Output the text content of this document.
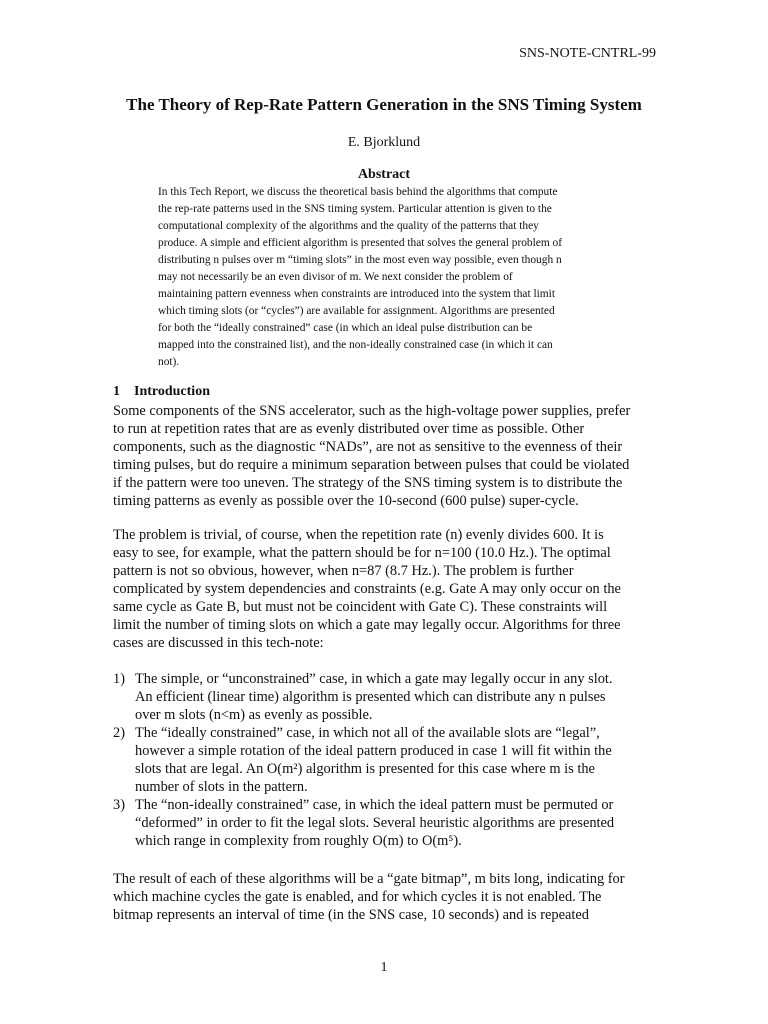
SNS-NOTE-CNTRL-99
The Theory of Rep-Rate Pattern Generation in the SNS Timing System
E. Bjorklund
Abstract
In this Tech Report, we discuss the theoretical basis behind the algorithms that compute
the rep-rate patterns used in the SNS timing system. Particular attention is given to the
computational complexity of the algorithms and the quality of the patterns that they
produce. A simple and efficient algorithm is presented that solves the general problem of
distributing n pulses over m “timing slots” in the most even way possible, even though n
may not necessarily be an even divisor of m. We next consider the problem of
maintaining pattern evenness when constraints are introduced into the system that limit
which timing slots (or “cycles”) are available for assignment. Algorithms are presented
for both the “ideally constrained” case (in which an ideal pulse distribution can be
mapped into the constrained list), and the non-ideally constrained case (in which it can
not).
1 Introduction
Some components of the SNS accelerator, such as the high-voltage power supplies, prefer
to run at repetition rates that are as evenly distributed over time as possible. Other
components, such as the diagnostic “NADs”, are not as sensitive to the evenness of their
timing pulses, but do require a minimum separation between pulses that could be violated
if the pattern were too uneven. The strategy of the SNS timing system is to distribute the
timing patterns as evenly as possible over the 10-second (600 pulse) super-cycle.
The problem is trivial, of course, when the repetition rate (n) evenly divides 600. It is
easy to see, for example, what the pattern should be for n=100 (10.0 Hz.). The optimal
pattern is not so obvious, however, when n=87 (8.7 Hz.). The problem is further
complicated by system dependencies and constraints (e.g. Gate A may only occur on the
same cycle as Gate B, but must not be coincident with Gate C). These constraints will
limit the number of timing slots on which a gate may legally occur. Algorithms for three
cases are discussed in this tech-note:
1) The simple, or “unconstrained” case, in which a gate may legally occur in any slot.
An efficient (linear time) algorithm is presented which can distribute any n pulses
over m slots (n<m) as evenly as possible.
2) The “ideally constrained” case, in which not all of the available slots are “legal”,
however a simple rotation of the ideal pattern produced in case 1 will fit within the
slots that are legal. An O(m²) algorithm is presented for this case where m is the
number of slots in the pattern.
3) The “non-ideally constrained” case, in which the ideal pattern must be permuted or
“deformed” in order to fit the legal slots. Several heuristic algorithms are presented
which range in complexity from roughly O(m) to O(m⁵).
The result of each of these algorithms will be a “gate bitmap”, m bits long, indicating for
which machine cycles the gate is enabled, and for which cycles it is not enabled. The
bitmap represents an interval of time (in the SNS case, 10 seconds) and is repeated
1
